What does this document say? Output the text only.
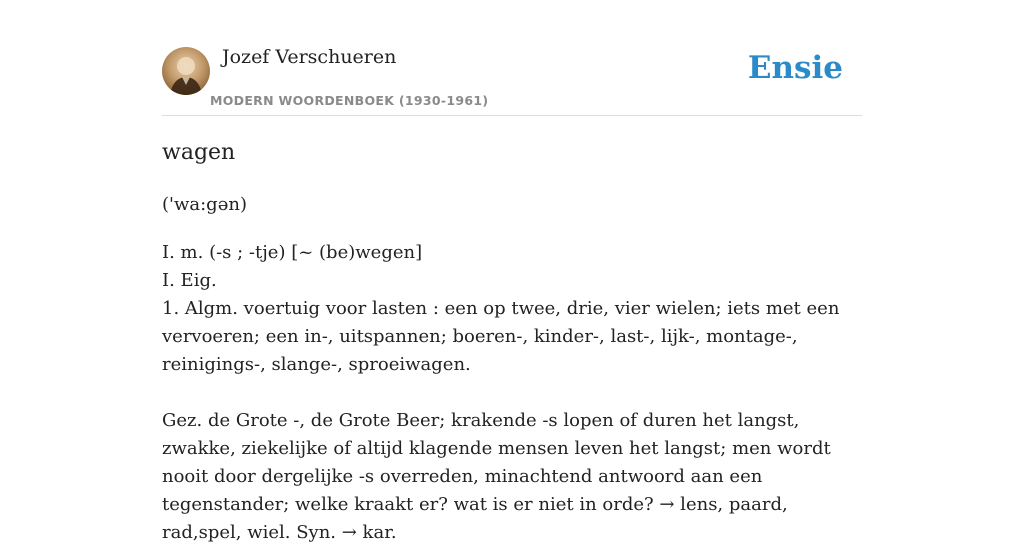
Jozef Verschueren
MODERN WOORDENBOEK (1930-1961)
Ensie
wagen
('wa:gən)

I. m. (-s ; -tje) [~ (be)wegen]

I. Eig.

1. Algm. voertuig voor lasten : een op twee, drie, vier wielen; iets met een vervoeren; een in-, uitspannen; boeren-, kinder-, last-, lijk-, montage-, reinigings-, slange-, sproeiwagen.

Gez. de Grote -, de Grote Beer; krakende -s lopen of duren het langst, zwakke, ziekelijke of altijd klagende mensen leven het langst; men wordt nooit door dergelijke -s overreden, minachtend antwoord aan een tegenstander; welke kraakt er? wat is er niet in orde? → lens, paard, rad,spel, wiel. Syn. → kar.
